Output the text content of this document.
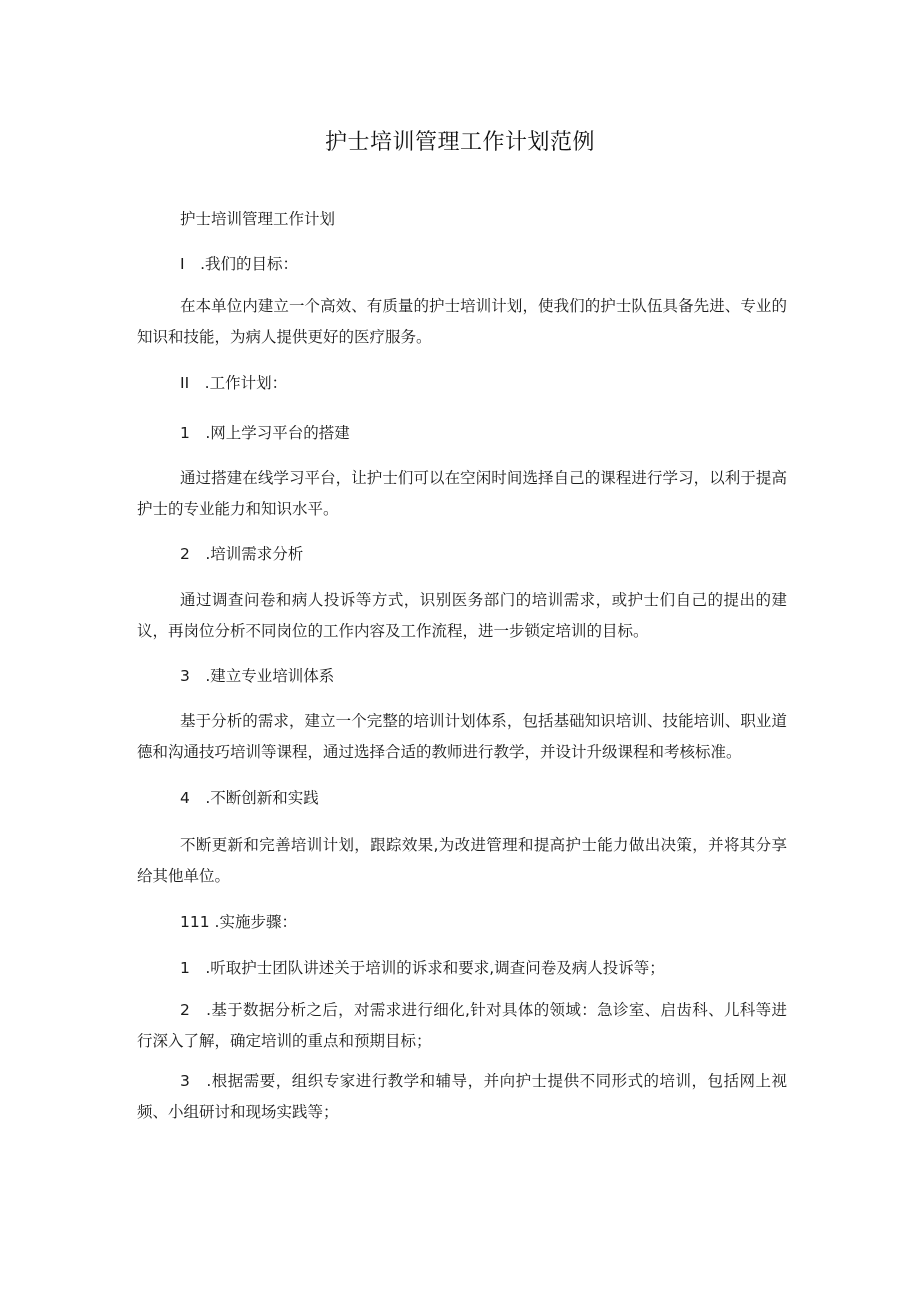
护士培训管理工作计划范例

护士培训管理工作计划

I　.我们的目标：

在本单位内建立一个高效、有质量的护士培训计划，使我们的护士队伍具备先进、专业的知识和技能，为病人提供更好的医疗服务。

II　.工作计划：

1　.网上学习平台的搭建

通过搭建在线学习平台，让护士们可以在空闲时间选择自己的课程进行学习，以利于提高护士的专业能力和知识水平。

2　.培训需求分析

通过调查问卷和病人投诉等方式，识别医务部门的培训需求，或护士们自己的提出的建议，再岗位分析不同岗位的工作内容及工作流程，进一步锁定培训的目标。

3　.建立专业培训体系

基于分析的需求，建立一个完整的培训计划体系，包括基础知识培训、技能培训、职业道德和沟通技巧培训等课程，通过选择合适的教师进行教学，并设计升级课程和考核标准。

4　.不断创新和实践

不断更新和完善培训计划，跟踪效果,为改进管理和提高护士能力做出决策，并将其分享给其他单位。

111 .实施步骤：

1　.听取护士团队讲述关于培训的诉求和要求,调查问卷及病人投诉等；

2　.基于数据分析之后，对需求进行细化,针对具体的领域：急诊室、启齿科、儿科等进行深入了解，确定培训的重点和预期目标；

3　.根据需要，组织专家进行教学和辅导，并向护士提供不同形式的培训，包括网上视频、小组研讨和现场实践等；
